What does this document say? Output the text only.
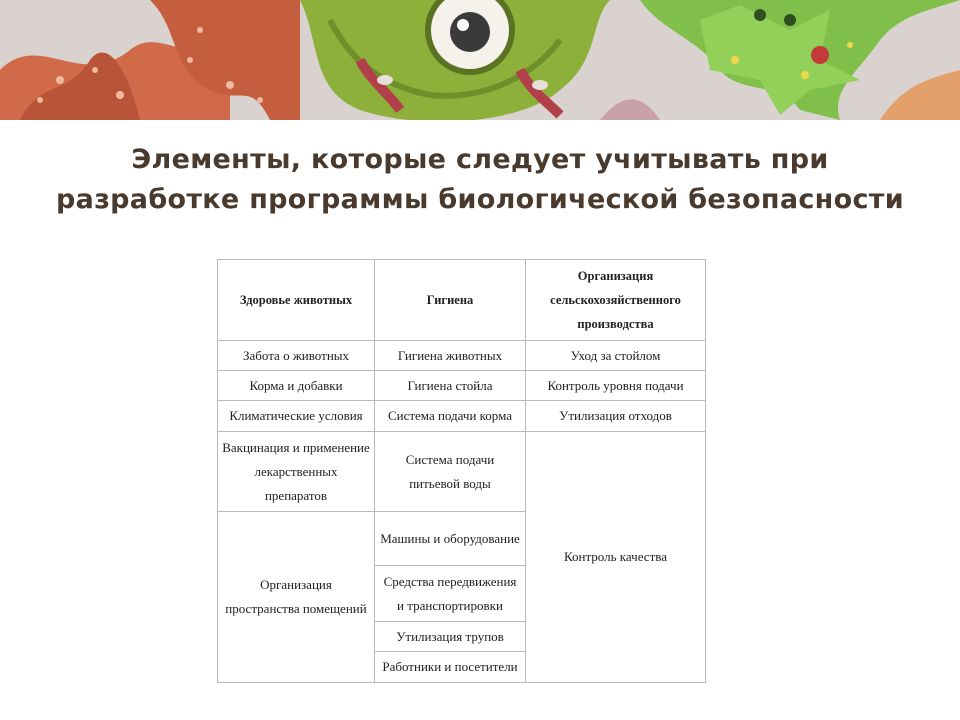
Элементы, которые следует учитывать при
разработке программы биологической безопасности
Здоровье животных	Гигиена	Организация сельскохозяйственного производства
Забота о животных	Гигиена животных	Уход за стойлом
Корма и добавки	Гигиена стойла	Контроль уровня подачи
Климатические условия	Система подачи корма	Утилизация отходов
Вакцинация и применение лекарственных препаратов	Система подачи питьевой воды	Контроль качества
Организация пространства помещений	Машины и оборудование	
	Средства передвижения и транспортировки	
	Утилизация трупов	
	Работники и посетители	
